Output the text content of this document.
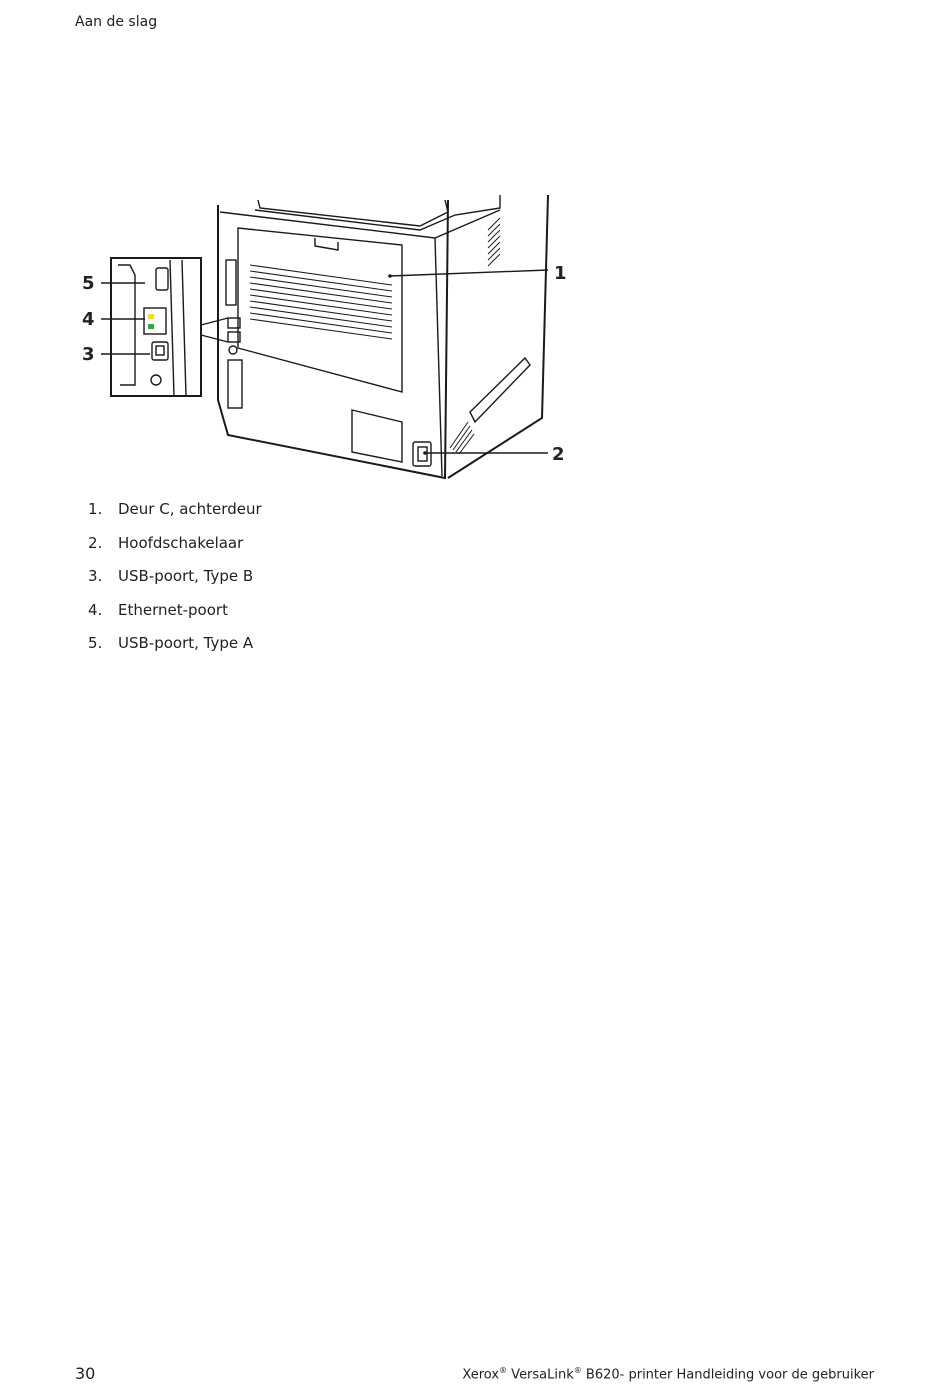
Aan de slag
5
4
3
1
2
1.	Deur C, achterdeur
2.	Hoofdschakelaar
3.	USB-poort, Type B
4.	Ethernet-poort
5.	USB-poort, Type A
30	Xerox® VersaLink® B620- printer Handleiding voor de gebruiker
